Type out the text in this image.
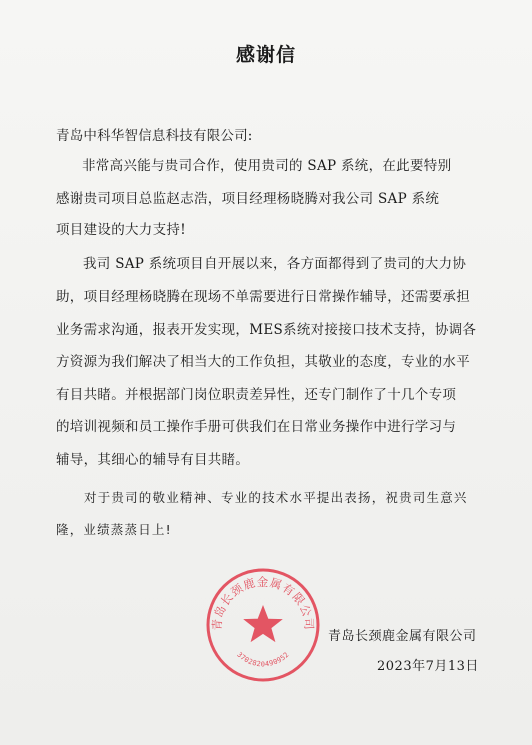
感谢信
青岛中科华智信息科技有限公司:
非常高兴能与贵司合作，使用贵司的 SAP 系统，在此要特别
感谢贵司项目总监赵志浩，项目经理杨晓腾对我公司 SAP 系统
项目建设的大力支持!
我司 SAP 系统项目自开展以来，各方面都得到了贵司的大力协
助，项目经理杨晓腾在现场不单需要进行日常操作辅导，还需要承担
业务需求沟通，报表开发实现，MES系统对接接口技术支持，协调各
方资源为我们解决了相当大的工作负担，其敬业的态度，专业的水平
有目共睹。并根据部门岗位职责差异性，还专门制作了十几个专项
的培训视频和员工操作手册可供我们在日常业务操作中进行学习与
辅导，其细心的辅导有目共睹。
对于贵司的敬业精神、专业的技术水平提出表扬，祝贵司生意兴
隆，业绩蒸蒸日上!
青岛长颈鹿金属有限公司
3702820490952
青岛长颈鹿金属有限公司
2023年7月13日
